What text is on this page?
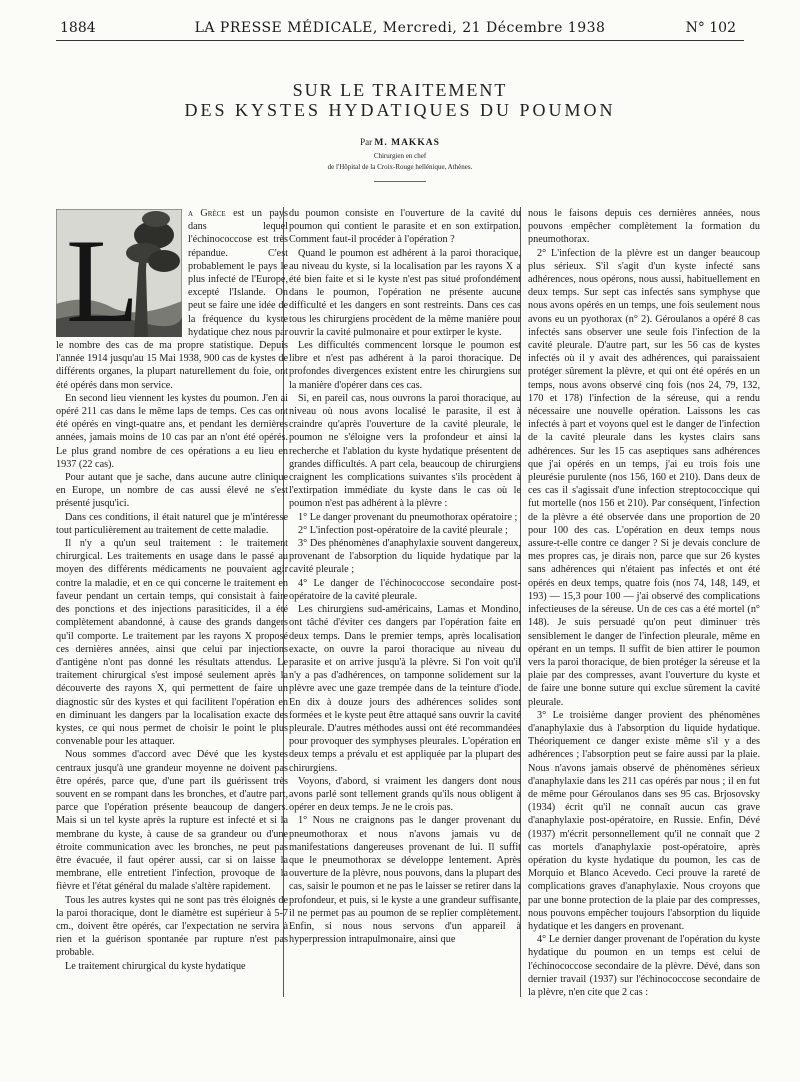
1884	LA PRESSE MÉDICALE, Mercredi, 21 Décembre 1938	N° 102
SUR LE TRAITEMENT
DES KYSTES HYDATIQUES DU POUMON
Par M. MAKKAS
Chirurgien en chef
de l'Hôpital de la Croix-Rouge hellénique, Athènes.
L

a Grèce est un pays dans lequel l'échinococcose est très répandue. C'est probablement le pays le plus infecté de l'Europe, excepté l'Islande. On peut se faire une idée de la fréquence du kyste hydatique chez nous par le nombre des cas de ma propre statistique. Depuis l'année 1914 jusqu'au 15 Mai 1938, 900 cas de kystes de différents organes, la plupart naturellement du foie, ont été opérés dans mon service.

En second lieu viennent les kystes du poumon. J'en ai opéré 211 cas dans le même laps de temps. Ces cas ont été opérés en vingt-quatre ans, et pendant les dernières années, jamais moins de 10 cas par an n'ont été opérés. Le plus grand nombre de ces opérations a eu lieu en 1937 (22 cas).

Pour autant que je sache, dans aucune autre clinique en Europe, un nombre de cas aussi élevé ne s'est présenté jusqu'ici.

Dans ces conditions, il était naturel que je m'intéresse tout particulièrement au traitement de cette maladie.

Il n'y a qu'un seul traitement : le traitement chirurgical. Les traitements en usage dans le passé au moyen des différents médicaments ne pouvaient agir contre la maladie, et en ce qui concerne le traitement en faveur pendant un certain temps, qui consistait à faire des ponctions et des injections parasiticides, il a été complètement abandonné, à cause des grands dangers qu'il comporte. Le traitement par les rayons X proposé ces dernières années, ainsi que celui par injections d'antigène n'ont pas donné les résultats attendus. Le traitement chirurgical s'est imposé seulement après la découverte des rayons X, qui permettent de faire un diagnostic sûr des kystes et qui facilitent l'opération en en diminuant les dangers par la localisation exacte des kystes, ce qui nous permet de choisir le point le plus convenable pour les attaquer.

Nous sommes d'accord avec Dévé que les kystes centraux jusqu'à une grandeur moyenne ne doivent pas être opérés, parce que, d'une part ils guérissent très souvent en se rompant dans les bronches, et d'autre part, parce que l'opération présente beaucoup de dangers. Mais si un tel kyste après la rupture est infecté et si la membrane du kyste, à cause de sa grandeur ou d'une étroite communication avec les bronches, ne peut pas être évacuée, il faut opérer aussi, car si on laisse la membrane, elle entretient l'infection, provoque de la fièvre et l'état général du malade s'altère rapidement.

Tous les autres kystes qui ne sont pas très éloignés de la paroi thoracique, dont le diamètre est supérieur à 5-7 cm., doivent être opérés, car l'expectation ne servira à rien et la guérison spontanée par rupture n'est pas probable.

Le traitement chirurgical du kyste hydatique

du poumon consiste en l'ouverture de la cavité du poumon qui contient le parasite et en son extirpation. Comment faut-il procéder à l'opération ?

Quand le poumon est adhérent à la paroi thoracique, au niveau du kyste, si la localisation par les rayons X a été bien faite et si le kyste n'est pas situé profondément dans le poumon, l'opération ne présente aucune difficulté et les dangers en sont restreints. Dans ces cas tous les chirurgiens procèdent de la même manière pour ouvrir la cavité pulmonaire et pour extirper le kyste.

Les difficultés commencent lorsque le poumon est libre et n'est pas adhérent à la paroi thoracique. De profondes divergences existent entre les chirurgiens sur la manière d'opérer dans ces cas.

Si, en pareil cas, nous ouvrons la paroi thoracique, au niveau où nous avons localisé le parasite, il est à craindre qu'après l'ouverture de la cavité pleurale, le poumon ne s'éloigne vers la profondeur et ainsi la recherche et l'ablation du kyste hydatique présentent de grandes difficultés. A part cela, beaucoup de chirurgiens craignent les complications suivantes s'ils procèdent à l'extirpation immédiate du kyste dans le cas où le poumon n'est pas adhérent à la plèvre :

1° Le danger provenant du pneumothorax opératoire ;

2° L'infection post-opératoire de la cavité pleurale ;

3° Des phénomènes d'anaphylaxie souvent dangereux, provenant de l'absorption du liquide hydatique par la cavité pleurale ;

4° Le danger de l'échinococcose secondaire post-opératoire de la cavité pleurale.

Les chirurgiens sud-américains, Lamas et Mondino, ont tâché d'éviter ces dangers par l'opération faite en deux temps. Dans le premier temps, après localisation exacte, on ouvre la paroi thoracique au niveau du parasite et on arrive jusqu'à la plèvre. Si l'on voit qu'il n'y a pas d'adhérences, on tamponne solidement sur la plèvre avec une gaze trempée dans de la teinture d'iode. En dix à douze jours des adhérences solides sont formées et le kyste peut être attaqué sans ouvrir la cavité pleurale. D'autres méthodes aussi ont été recommandées pour provoquer des symphyses pleurales. L'opération en deux temps a prévalu et est appliquée par la plupart des chirurgiens.

Voyons, d'abord, si vraiment les dangers dont nous avons parlé sont tellement grands qu'ils nous obligent à opérer en deux temps. Je ne le crois pas.

1° Nous ne craignons pas le danger provenant du pneumothorax et nous n'avons jamais vu de manifestations dangereuses provenant de lui. Il suffit que le pneumothorax se développe lentement. Après ouverture de la plèvre, nous pouvons, dans la plupart des cas, saisir le poumon et ne pas le laisser se retirer dans la profondeur, et puis, si le kyste a une grandeur suffisante, il ne permet pas au poumon de se replier complètement. Enfin, si nous nous servons d'un appareil à hyperpression intrapulmonaire, ainsi que

nous le faisons depuis ces dernières années, nous pouvons empêcher complètement la formation du pneumothorax.

2° L'infection de la plèvre est un danger beaucoup plus sérieux. S'il s'agit d'un kyste infecté sans adhérences, nous opérons, nous aussi, habituellement en deux temps. Sur sept cas infectés sans symphyse que nous avons opérés en un temps, une fois seulement nous avons eu un pyothorax (n° 2). Géroulanos a opéré 8 cas infectés sans observer une seule fois l'infection de la cavité pleurale. D'autre part, sur les 56 cas de kystes infectés où il y avait des adhérences, qui paraissaient protéger sûrement la plèvre, et qui ont été opérés en un temps, nous avons observé cinq fois (nos 24, 79, 132, 170 et 178) l'infection de la séreuse, qui a rendu nécessaire une nouvelle opération. Laissons les cas infectés à part et voyons quel est le danger de l'infection de la cavité pleurale dans les kystes clairs sans adhérences. Sur les 15 cas aseptiques sans adhérences que j'ai opérés en un temps, j'ai eu trois fois une pleurésie purulente (nos 156, 160 et 210). Dans deux de ces cas il s'agissait d'une infection streptococcique qui fut mortelle (nos 156 et 210). Par conséquent, l'infection de la plèvre a été observée dans une proportion de 20 pour 100 des cas. L'opération en deux temps nous assure-t-elle contre ce danger ? Si je devais conclure de mes propres cas, je dirais non, parce que sur 26 kystes sans adhérences qui n'étaient pas infectés et ont été opérés en deux temps, quatre fois (nos 74, 148, 149, et 193) — 15,3 pour 100 — j'ai observé des complications infectieuses de la séreuse. Un de ces cas a été mortel (n° 148). Je suis persuadé qu'on peut diminuer très sensiblement le danger de l'infection pleurale, même en opérant en un temps. Il suffit de bien attirer le poumon vers la paroi thoracique, de bien protéger la séreuse et la plaie par des compresses, avant l'ouverture du kyste et de faire une bonne suture qui exclue sûrement la cavité pleurale.

3° Le troisième danger provient des phénomènes d'anaphylaxie dus à l'absorption du liquide hydatique. Théoriquement ce danger existe même s'il y a des adhérences ; l'absorption peut se faire aussi par la plaie. Nous n'avons jamais observé de phénomènes sérieux d'anaphylaxie dans les 211 cas opérés par nous ; il en fut de même pour Géroulanos dans ses 95 cas. Brjosovsky (1934) écrit qu'il ne connaît aucun cas grave d'anaphylaxie post-opératoire, en Russie. Enfin, Dévé (1937) m'écrit personnellement qu'il ne connaît que 2 cas mortels d'anaphylaxie post-opératoire, après opération du kyste hydatique du poumon, les cas de Morquio et Blanco Acevedo. Ceci prouve la rareté de complications graves d'anaphylaxie. Nous croyons que par une bonne protection de la plaie par des compresses, nous pouvons empêcher toujours l'absorption du liquide hydatique et les dangers en provenant.

4° Le dernier danger provenant de l'opération du kyste hydatique du poumon en un temps est celui de l'échinococcose secondaire de la plèvre. Dévé, dans son dernier travail (1937) sur l'échinococcose secondaire de la plèvre, n'en cite que 2 cas :
